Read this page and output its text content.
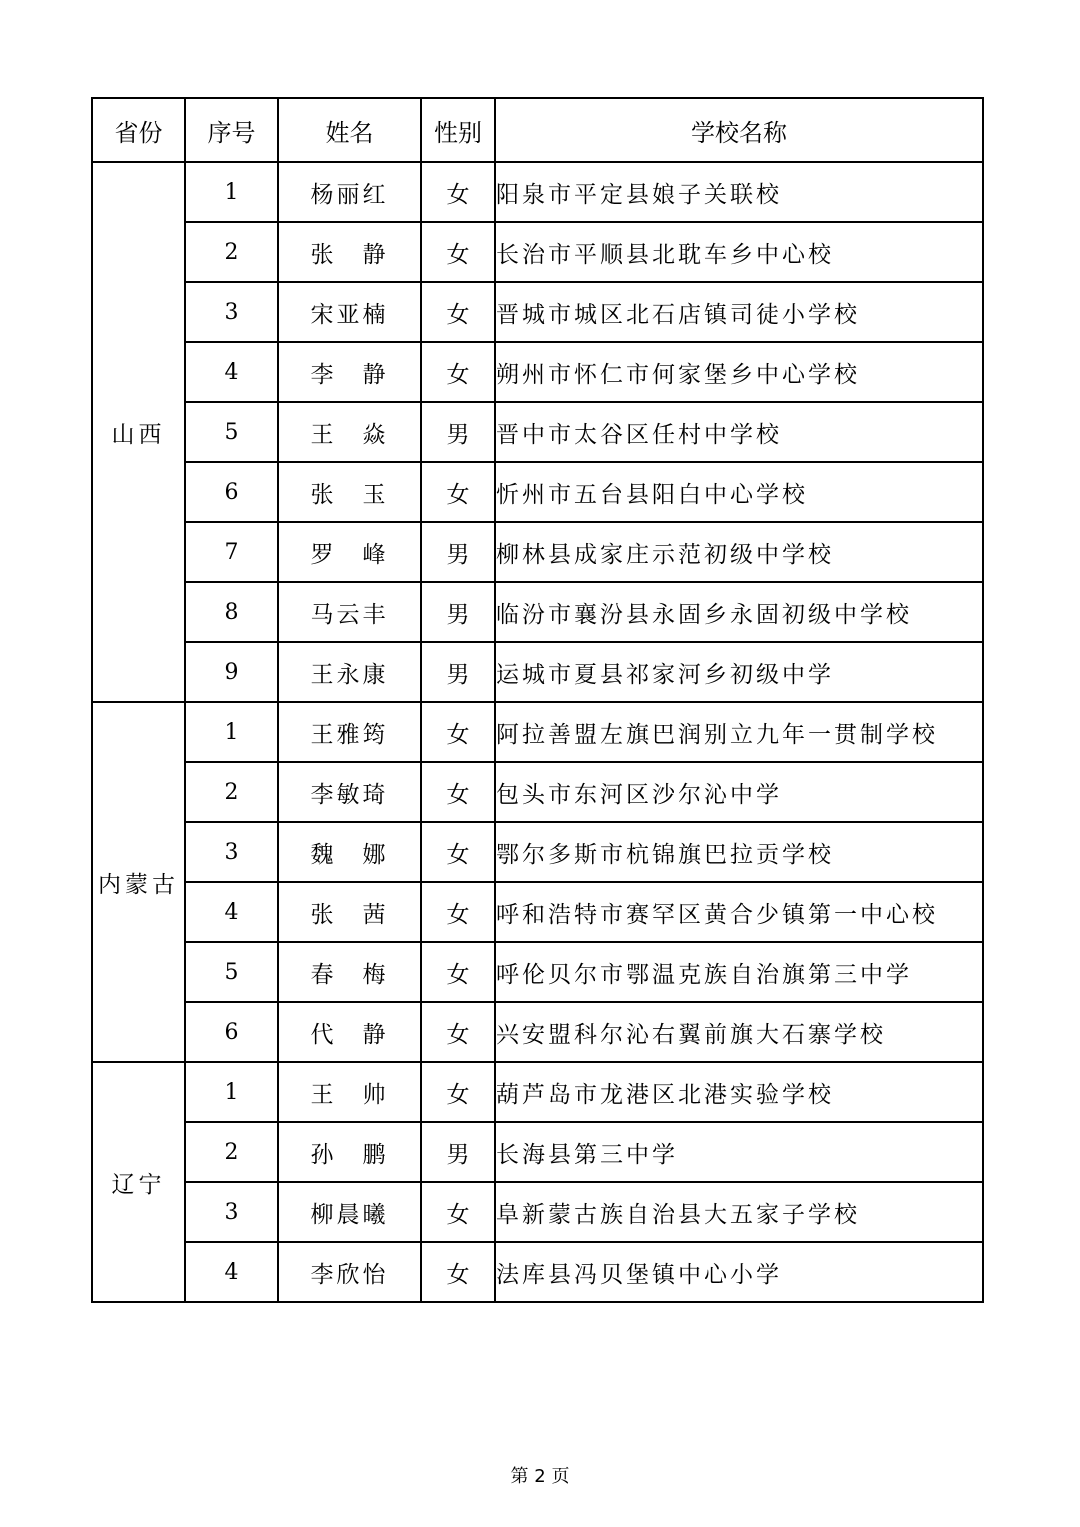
省份	序号	姓名	性别	学校名称
山西	1	杨丽红	女	阳泉市平定县娘子关联校
	2	张　静	女	长治市平顺县北耽车乡中心校
	3	宋亚楠	女	晋城市城区北石店镇司徒小学校
	4	李　静	女	朔州市怀仁市何家堡乡中心学校
	5	王　焱	男	晋中市太谷区任村中学校
	6	张　玉	女	忻州市五台县阳白中心学校
	7	罗　峰	男	柳林县成家庄示范初级中学校
	8	马云丰	男	临汾市襄汾县永固乡永固初级中学校
	9	王永康	男	运城市夏县祁家河乡初级中学
内蒙古	1	王雅筠	女	阿拉善盟左旗巴润别立九年一贯制学校
	2	李敏琦	女	包头市东河区沙尔沁中学
	3	魏　娜	女	鄂尔多斯市杭锦旗巴拉贡学校
	4	张　茜	女	呼和浩特市赛罕区黄合少镇第一中心校
	5	春　梅	女	呼伦贝尔市鄂温克族自治旗第三中学
	6	代　静	女	兴安盟科尔沁右翼前旗大石寨学校
辽宁	1	王　帅	女	葫芦岛市龙港区北港实验学校
	2	孙　鹏	男	长海县第三中学
	3	柳晨曦	女	阜新蒙古族自治县大五家子学校
	4	李欣怡	女	法库县冯贝堡镇中心小学
第 2 页
